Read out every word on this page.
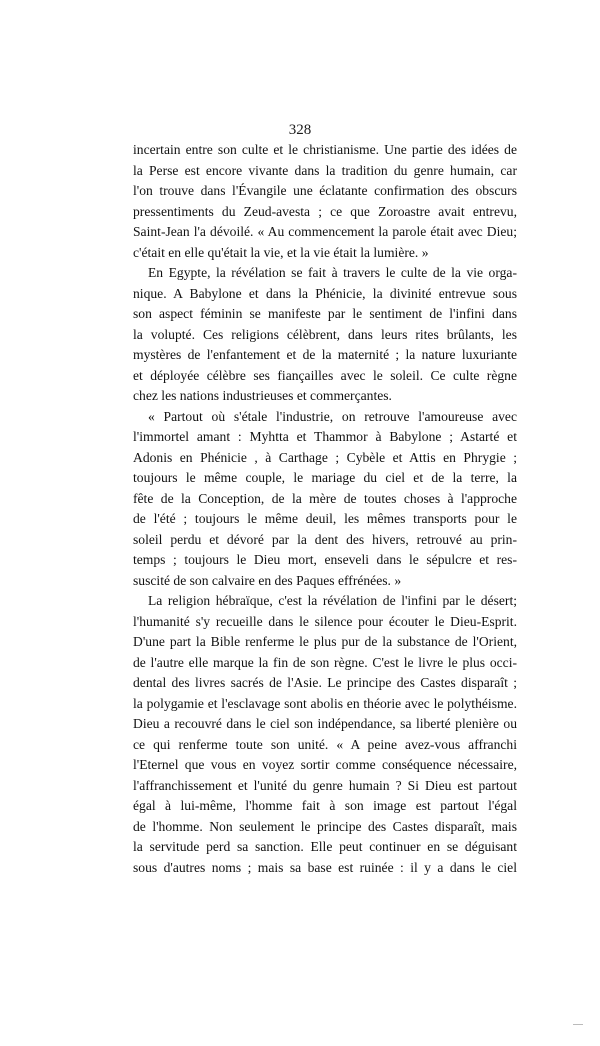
328
incertain entre son culte et le christianisme. Une partie des idées de
la Perse est encore vivante dans la tradition du genre humain, car
l'on trouve dans l'Évangile une éclatante confirmation des obscurs
pressentiments du Zeud-avesta ; ce que Zoroastre avait entrevu,
Saint-Jean l'a dévoilé. « Au commencement la parole était avec Dieu;
c'était en elle qu'était la vie, et la vie était la lumière. »
En Egypte, la révélation se fait à travers le culte de la vie orga-
nique. A Babylone et dans la Phénicie, la divinité entrevue sous
son aspect féminin se manifeste par le sentiment de l'infini dans
la volupté. Ces religions célèbrent, dans leurs rites brûlants, les
mystères de l'enfantement et de la maternité ; la nature luxuriante
et déployée célèbre ses fiançailles avec le soleil. Ce culte règne
chez les nations industrieuses et commerçantes.
« Partout où s'étale l'industrie, on retrouve l'amoureuse avec
l'immortel amant : Myhtta et Thammor à Babylone ; Astarté et
Adonis en Phénicie , à Carthage ; Cybèle et Attis en Phrygie ;
toujours le même couple, le mariage du ciel et de la terre, la
fête de la Conception, de la mère de toutes choses à l'approche
de l'été ; toujours le même deuil, les mêmes transports pour le
soleil perdu et dévoré par la dent des hivers, retrouvé au prin-
temps ; toujours le Dieu mort, enseveli dans le sépulcre et res-
suscité de son calvaire en des Paques effrénées. »
La religion hébraïque, c'est la révélation de l'infini par le désert;
l'humanité s'y recueille dans le silence pour écouter le Dieu-Esprit.
D'une part la Bible renferme le plus pur de la substance de l'Orient,
de l'autre elle marque la fin de son règne. C'est le livre le plus occi-
dental des livres sacrés de l'Asie. Le principe des Castes disparaît ;
la polygamie et l'esclavage sont abolis en théorie avec le polythéisme.
Dieu a recouvré dans le ciel son indépendance, sa liberté plenière ou
ce qui renferme toute son unité. « A peine avez-vous affranchi
l'Eternel que vous en voyez sortir comme conséquence nécessaire,
l'affranchissement et l'unité du genre humain ? Si Dieu est partout
égal à lui-même, l'homme fait à son image est partout l'égal
de l'homme. Non seulement le principe des Castes disparaît, mais
la servitude perd sa sanction. Elle peut continuer en se déguisant
sous d'autres noms ; mais sa base est ruinée : il y a dans le ciel
